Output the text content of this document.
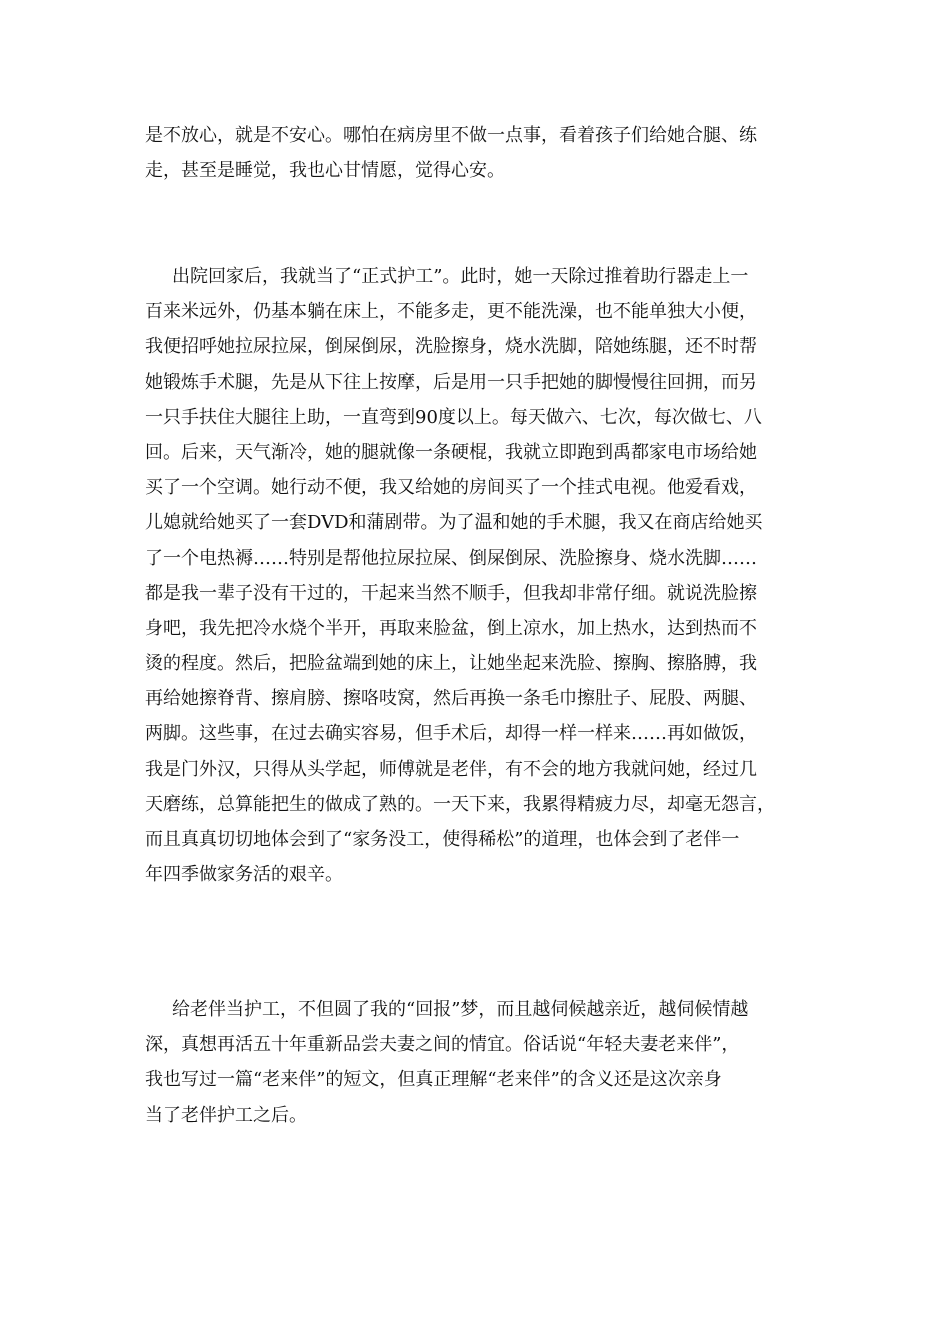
是不放心，就是不安心。哪怕在病房里不做一点事，看着孩子们给她合腿、练
走，甚至是睡觉，我也心甘情愿，觉得心安。
出院回家后，我就当了“正式护工”。此时，她一天除过推着助行器走上一
百来米远外，仍基本躺在床上，不能多走，更不能洗澡，也不能单独大小便，
我便招呼她拉尿拉屎，倒屎倒尿，洗脸擦身，烧水洗脚，陪她练腿，还不时帮
她锻炼手术腿，先是从下往上按摩，后是用一只手把她的脚慢慢往回拥，而另
一只手扶住大腿往上助，一直弯到90度以上。每天做六、七次，每次做七、八
回。后来，天气渐冷，她的腿就像一条硬棍，我就立即跑到禹都家电市场给她
买了一个空调。她行动不便，我又给她的房间买了一个挂式电视。他爱看戏，
儿媳就给她买了一套DVD和蒲剧带。为了温和她的手术腿，我又在商店给她买
了一个电热褥……特别是帮他拉尿拉屎、倒屎倒尿、洗脸擦身、烧水洗脚……
都是我一辈子没有干过的，干起来当然不顺手，但我却非常仔细。就说洗脸擦
身吧，我先把冷水烧个半开，再取来脸盆，倒上凉水，加上热水，达到热而不
烫的程度。然后，把脸盆端到她的床上，让她坐起来洗脸、擦胸、擦胳膊，我
再给她擦脊背、擦肩膀、擦咯吱窝，然后再换一条毛巾擦肚子、屁股、两腿、
两脚。这些事，在过去确实容易，但手术后，却得一样一样来……再如做饭，
我是门外汉，只得从头学起，师傅就是老伴，有不会的地方我就问她，经过几
天磨练，总算能把生的做成了熟的。一天下来，我累得精疲力尽，却毫无怨言，
而且真真切切地体会到了“家务没工，使得稀松”的道理，也体会到了老伴一
年四季做家务活的艰辛。
给老伴当护工，不但圆了我的“回报”梦，而且越伺候越亲近，越伺候情越
深，真想再活五十年重新品尝夫妻之间的情宜。俗话说“年轻夫妻老来伴”，
我也写过一篇“老来伴”的短文，但真正理解“老来伴”的含义还是这次亲身
当了老伴护工之后。
